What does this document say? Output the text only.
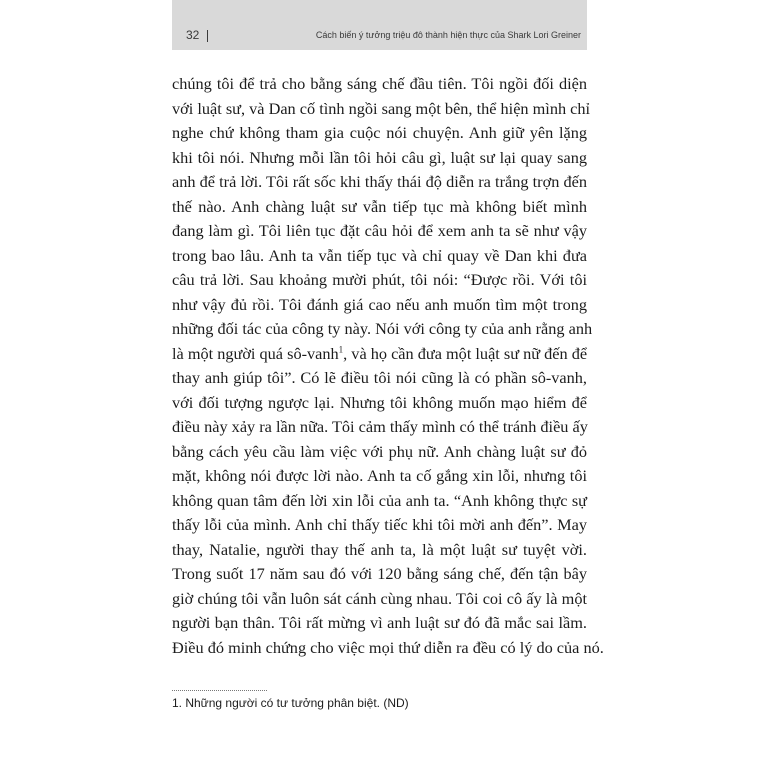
32	Cách biến ý tưởng triệu đô thành hiện thực của Shark Lori Greiner
chúng tôi để trả cho bằng sáng chế đầu tiên. Tôi ngồi đối diện
với luật sư, và Dan cố tình ngồi sang một bên, thể hiện mình chỉ
nghe chứ không tham gia cuộc nói chuyện. Anh giữ yên lặng
khi tôi nói. Nhưng mỗi lần tôi hỏi câu gì, luật sư lại quay sang
anh để trả lời. Tôi rất sốc khi thấy thái độ diễn ra trắng trợn đến
thế nào. Anh chàng luật sư vẫn tiếp tục mà không biết mình
đang làm gì. Tôi liên tục đặt câu hỏi để xem anh ta sẽ như vậy
trong bao lâu. Anh ta vẫn tiếp tục và chỉ quay về Dan khi đưa
câu trả lời. Sau khoảng mười phút, tôi nói: “Được rồi. Với tôi
như vậy đủ rồi. Tôi đánh giá cao nếu anh muốn tìm một trong
những đối tác của công ty này. Nói với công ty của anh rằng anh
là một người quá sô-vanh$^1$, và họ cần đưa một luật sư nữ đến để
thay anh giúp tôi”. Có lẽ điều tôi nói cũng là có phần sô-vanh,
với đối tượng ngược lại. Nhưng tôi không muốn mạo hiểm để
điều này xảy ra lần nữa. Tôi cảm thấy mình có thể tránh điều ấy
bằng cách yêu cầu làm việc với phụ nữ. Anh chàng luật sư đỏ
mặt, không nói được lời nào. Anh ta cố gắng xin lỗi, nhưng tôi
không quan tâm đến lời xin lỗi của anh ta. “Anh không thực sự
thấy lỗi của mình. Anh chỉ thấy tiếc khi tôi mời anh đến”. May
thay, Natalie, người thay thế anh ta, là một luật sư tuyệt vời.
Trong suốt 17 năm sau đó với 120 bằng sáng chế, đến tận bây
giờ chúng tôi vẫn luôn sát cánh cùng nhau. Tôi coi cô ấy là một
người bạn thân. Tôi rất mừng vì anh luật sư đó đã mắc sai lầm.
Điều đó minh chứng cho việc mọi thứ diễn ra đều có lý do của nó.
1. Những người có tư tưởng phân biệt. (ND)
